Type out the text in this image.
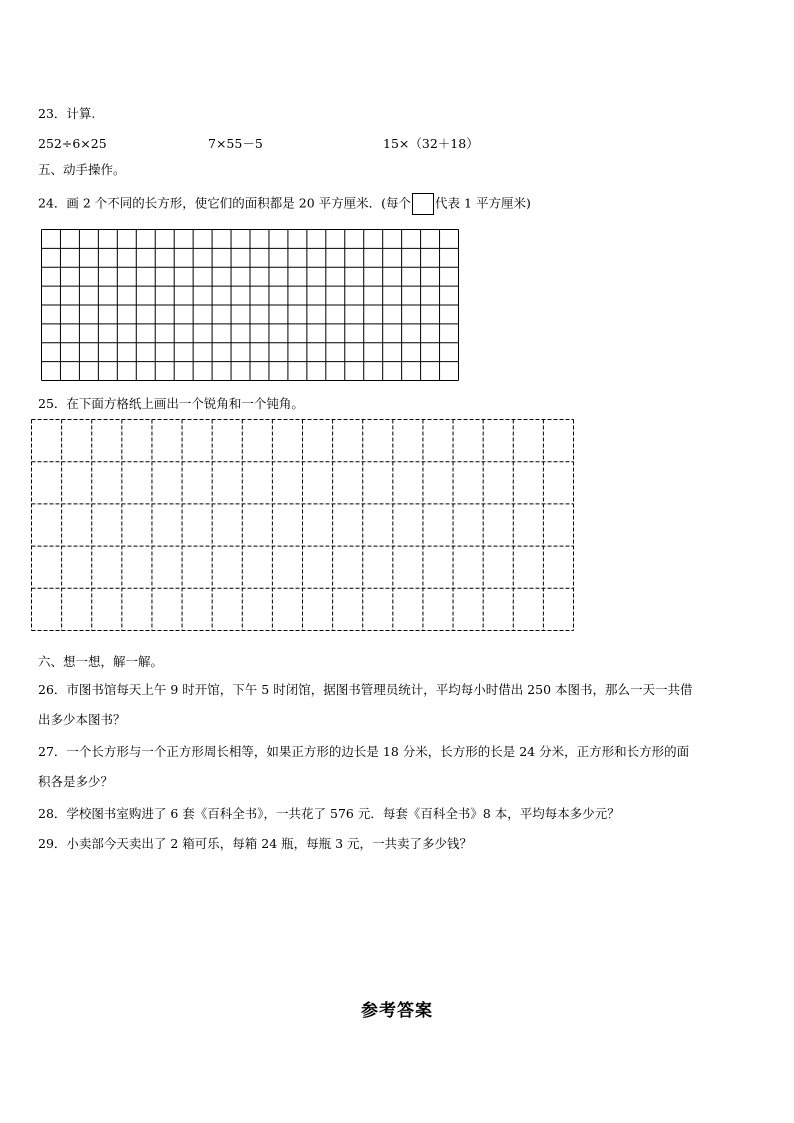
23．计算.
252÷6×25	7×55－5	15×（32＋18）
五、动手操作。
24．画 2 个不同的长方形，使它们的面积都是 20 平方厘米．(每个 代表 1 平方厘米)
25．在下面方格纸上画出一个锐角和一个钝角。
六、想一想，解一解。
26．市图书馆每天上午 9 时开馆，下午 5 时闭馆，据图书管理员统计，平均每小时借出 250 本图书，那么一天一共借
出多少本图书？
27．一个长方形与一个正方形周长相等，如果正方形的边长是 18 分米，长方形的长是 24 分米，正方形和长方形的面
积各是多少？
28．学校图书室购进了 6 套《百科全书》，一共花了 576 元．每套《百科全书》8 本，平均每本多少元？
29．小卖部今天卖出了 2 箱可乐，每箱 24 瓶，每瓶 3 元，一共卖了多少钱？
参考答案
